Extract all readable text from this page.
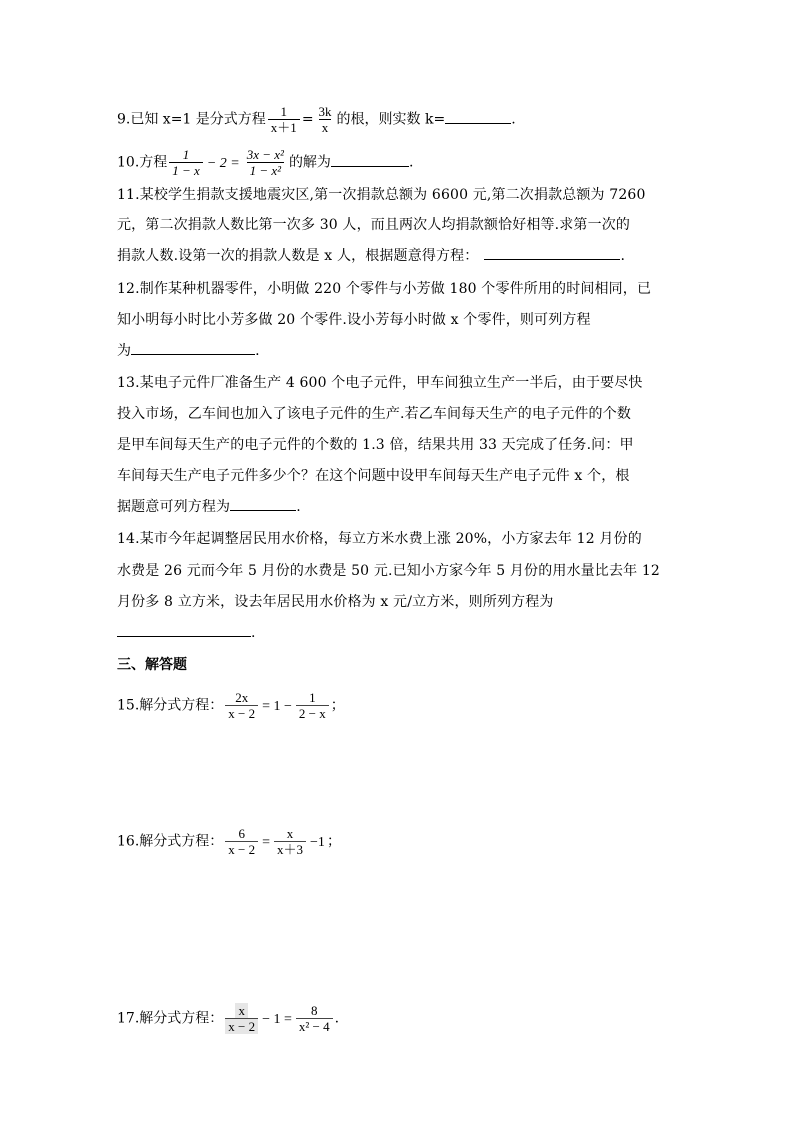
9.已知 x=1 是分式方程 $\frac{1}{x+1} = \frac{3k}{x}$ 的根，则实数 k=	.
10.方程 $\frac{1}{1 - x} - 2 = \frac{\text{3x − x²}}{\text{1 − x²}}$ 的解为	.
11.某校学生捐款支援地震灾区,第一次捐款总额为 6600 元,第二次捐款总额为 7260
元，第二次捐款人数比第一次多 30 人，而且两次人均捐款额恰好相等.求第一次的
捐款人数.设第一次的捐款人数是 x 人，根据题意得方程：	.
12.制作某种机器零件，小明做 220 个零件与小芳做 180 个零件所用的时间相同，已
知小明每小时比小芳多做 20 个零件.设小芳每小时做 x 个零件，则可列方程
为	.
13.某电子元件厂准备生产 4 600 个电子元件，甲车间独立生产一半后，由于要尽快
投入市场，乙车间也加入了该电子元件的生产.若乙车间每天生产的电子元件的个数
是甲车间每天生产的电子元件的个数的 1.3 倍，结果共用 33 天完成了任务.问：甲
车间每天生产电子元件多少个？在这个问题中设甲车间每天生产电子元件 x 个，根
据题意可列方程为	.
14.某市今年起调整居民用水价格，每立方米水费上涨 20%，小方家去年 12 月份的
水费是 26 元而今年 5 月份的水费是 50 元.已知小方家今年 5 月份的用水量比去年 12
月份多 8 立方米，设去年居民用水价格为 x 元/立方米，则所列方程为
.
三、解答题
15.解分式方程： $\frac{2x}{x - 2} = 1 - \frac{1}{2 - x}$ ；
16.解分式方程： $\frac{6}{x - 2} = \frac{x}{x+3} -1$ ；
17.解分式方程： $\frac{x}{x - 2} - 1 = \frac{8}{\text{x² − 4}}$ .
